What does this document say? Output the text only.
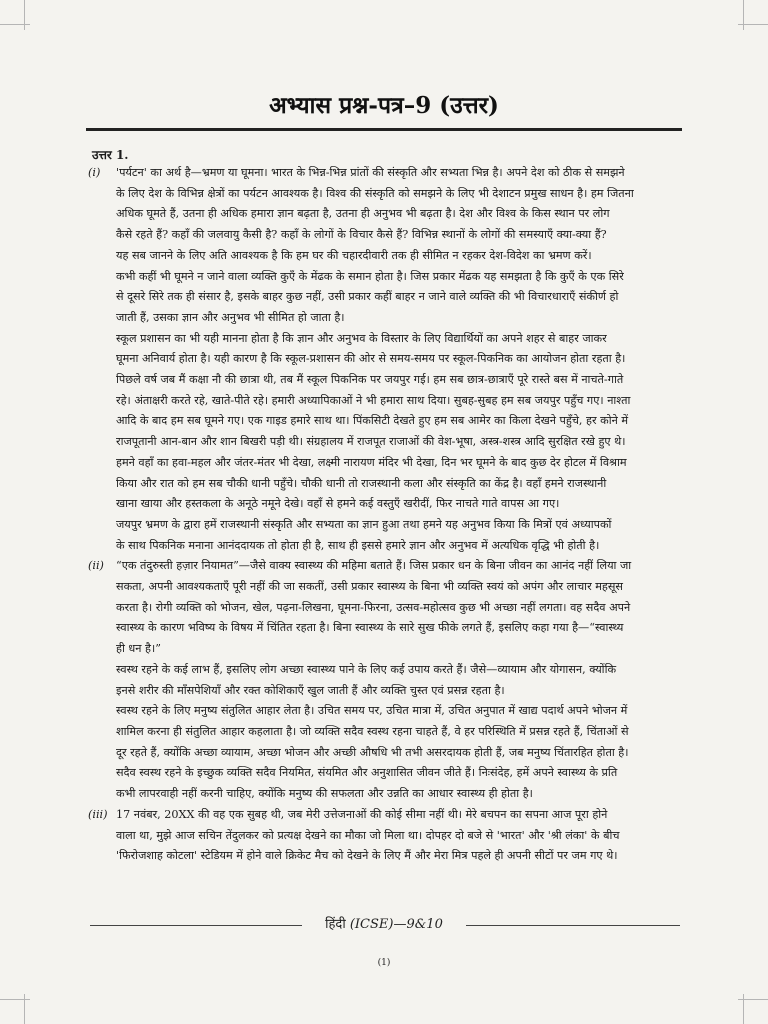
अभ्यास प्रश्न-पत्र–9 (उत्तर)
उत्तर 1.
(i)	'पर्यटन' का अर्थ है—भ्रमण या घूमना। भारत के भिन्न-भिन्न प्रांतों की संस्कृति और सभ्यता भिन्न है। अपने देश को ठीक से समझने
के लिए देश के विभिन्न क्षेत्रों का पर्यटन आवश्यक है। विश्व की संस्कृति को समझने के लिए भी देशाटन प्रमुख साधन है। हम जितना
अधिक घूमते हैं, उतना ही अधिक हमारा ज्ञान बढ़ता है, उतना ही अनुभव भी बढ़ता है। देश और विश्व के किस स्थान पर लोग
कैसे रहते हैं? कहाँ की जलवायु कैसी है? कहाँ के लोगों के विचार कैसे हैं? विभिन्न स्थानों के लोगों की समस्याएँ क्या-क्या हैं?
यह सब जानने के लिए अति आवश्यक है कि हम घर की चहारदीवारी तक ही सीमित न रहकर देश-विदेश का भ्रमण करें।
कभी कहीं भी घूमने न जाने वाला व्यक्ति कुएँ के मेंढक के समान होता है। जिस प्रकार मेंढक यह समझता है कि कुएँ के एक सिरे
से दूसरे सिरे तक ही संसार है, इसके बाहर कुछ नहीं, उसी प्रकार कहीं बाहर न जाने वाले व्यक्ति की भी विचारधाराएँ संकीर्ण हो
जाती हैं, उसका ज्ञान और अनुभव भी सीमित हो जाता है।
स्कूल प्रशासन का भी यही मानना होता है कि ज्ञान और अनुभव के विस्तार के लिए विद्यार्थियों का अपने शहर से बाहर जाकर
घूमना अनिवार्य होता है। यही कारण है कि स्कूल-प्रशासन की ओर से समय-समय पर स्कूल-पिकनिक का आयोजन होता रहता है।
पिछले वर्ष जब मैं कक्षा नौ की छात्रा थी, तब मैं स्कूल पिकनिक पर जयपुर गई। हम सब छात्र-छात्राएँ पूरे रास्ते बस में नाचते-गाते
रहे। अंताक्षरी करते रहे, खाते-पीते रहे। हमारी अध्यापिकाओं ने भी हमारा साथ दिया। सुबह-सुबह हम सब जयपुर पहुँच गए। नाश्ता
आदि के बाद हम सब घूमने गए। एक गाइड हमारे साथ था। पिंकसिटी देखते हुए हम सब आमेर का किला देखने पहुँचे, हर कोने में
राजपूतानी आन-बान और शान बिखरी पड़ी थी। संग्रहालय में राजपूत राजाओं की वेश-भूषा, अस्त्र-शस्त्र आदि सुरक्षित रखे हुए थे।
हमने वहाँ का हवा-महल और जंतर-मंतर भी देखा, लक्ष्मी नारायण मंदिर भी देखा, दिन भर घूमने के बाद कुछ देर होटल में विश्राम
किया और रात को हम सब चौकी धानी पहुँचे। चौकी धानी तो राजस्थानी कला और संस्कृति का केंद्र है। वहाँ हमने राजस्थानी
खाना खाया और हस्तकला के अनूठे नमूने देखे। वहाँ से हमने कई वस्तुएँ खरीदीं, फिर नाचते गाते वापस आ गए।
जयपुर भ्रमण के द्वारा हमें राजस्थानी संस्कृति और सभ्यता का ज्ञान हुआ तथा हमने यह अनुभव किया कि मित्रों एवं अध्यापकों
के साथ पिकनिक मनाना आनंददायक तो होता ही है, साथ ही इससे हमारे ज्ञान और अनुभव में अत्यधिक वृद्धि भी होती है।
(ii)	“एक तंदुरुस्ती हज़ार नियामत”—जैसे वाक्य स्वास्थ्य की महिमा बताते हैं। जिस प्रकार धन के बिना जीवन का आनंद नहीं लिया जा
सकता, अपनी आवश्यकताएँ पूरी नहीं की जा सकतीं, उसी प्रकार स्वास्थ्य के बिना भी व्यक्ति स्वयं को अपंग और लाचार महसूस
करता है। रोगी व्यक्ति को भोजन, खेल, पढ़ना-लिखना, घूमना-फिरना, उत्सव-महोत्सव कुछ भी अच्छा नहीं लगता। वह सदैव अपने
स्वास्थ्य के कारण भविष्य के विषय में चिंतित रहता है। बिना स्वास्थ्य के सारे सुख फीके लगते हैं, इसलिए कहा गया है—“स्वास्थ्य
ही धन है।”
स्वस्थ रहने के कई लाभ हैं, इसलिए लोग अच्छा स्वास्थ्य पाने के लिए कई उपाय करते हैं। जैसे—व्यायाम और योगासन, क्योंकि
इनसे शरीर की माँसपेशियाँ और रक्त कोशिकाएँ खुल जाती हैं और व्यक्ति चुस्त एवं प्रसन्न रहता है।
स्वस्थ रहने के लिए मनुष्य संतुलित आहार लेता है। उचित समय पर, उचित मात्रा में, उचित अनुपात में खाद्य पदार्थ अपने भोजन में
शामिल करना ही संतुलित आहार कहलाता है। जो व्यक्ति सदैव स्वस्थ रहना चाहते हैं, वे हर परिस्थिति में प्रसन्न रहते हैं, चिंताओं से
दूर रहते हैं, क्योंकि अच्छा व्यायाम, अच्छा भोजन और अच्छी औषधि भी तभी असरदायक होती हैं, जब मनुष्य चिंतारहित होता है।
सदैव स्वस्थ रहने के इच्छुक व्यक्ति सदैव नियमित, संयमित और अनुशासित जीवन जीते हैं। निःसंदेह, हमें अपने स्वास्थ्य के प्रति
कभी लापरवाही नहीं करनी चाहिए, क्योंकि मनुष्य की सफलता और उन्नति का आधार स्वास्थ्य ही होता है।
(iii) 17 नवंबर, 20XX की वह एक सुबह थी, जब मेरी उत्तेजनाओं की कोई सीमा नहीं थी। मेरे बचपन का सपना आज पूरा होने
वाला था, मुझे आज सचिन तेंदुलकर को प्रत्यक्ष देखने का मौका जो मिला था। दोपहर दो बजे से 'भारत' और 'श्री लंका' के बीच
'फिरोजशाह कोटला' स्टेडियम में होने वाले क्रिकेट मैच को देखने के लिए मैं और मेरा मित्र पहले ही अपनी सीटों पर जम गए थे।
हिंदी (ICSE)—9&10
(1)
